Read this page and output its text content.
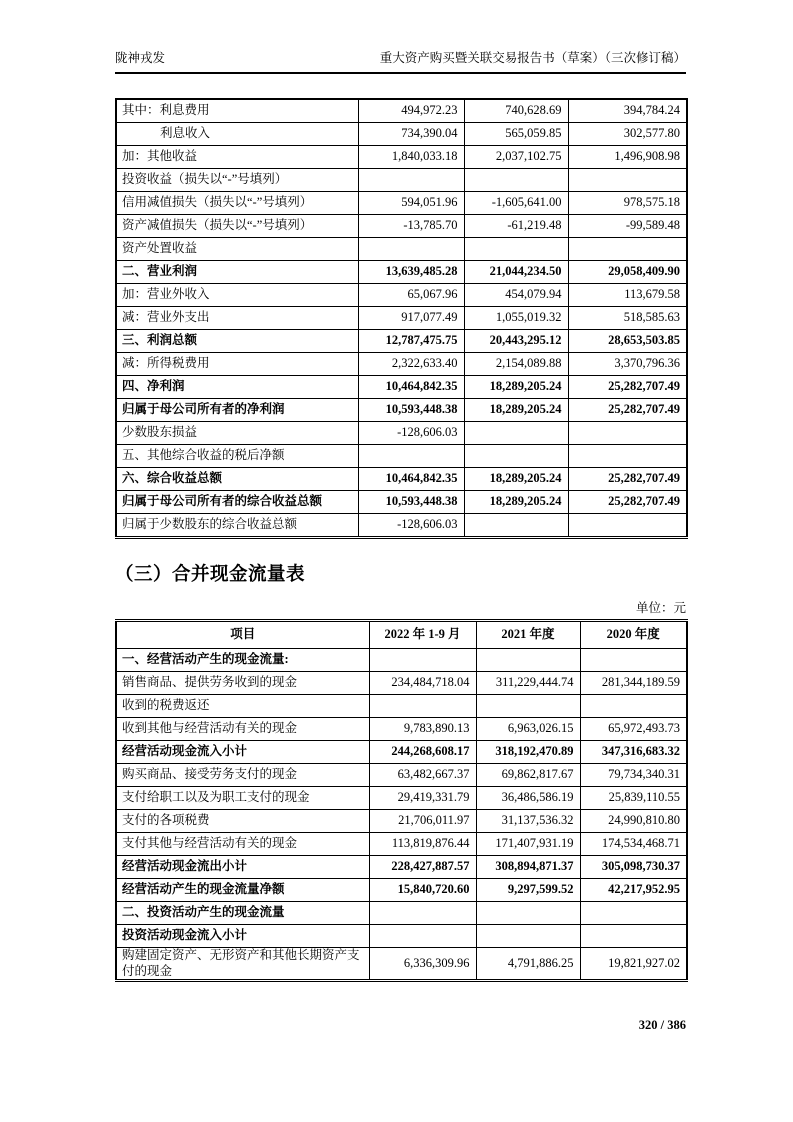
陇神戎发	重大资产购买暨关联交易报告书（草案）（三次修订稿）
其中：利息费用	494,972.23	740,628.69	394,784.24
利息收入	734,390.04	565,059.85	302,577.80
加：其他收益	1,840,033.18	2,037,102.75	1,496,908.98
投资收益（损失以“-”号填列）			
信用减值损失（损失以“-”号填列）	594,051.96	-1,605,641.00	978,575.18
资产减值损失（损失以“-”号填列）	-13,785.70	-61,219.48	-99,589.48
资产处置收益			
二、营业利润	13,639,485.28	21,044,234.50	29,058,409.90
加：营业外收入	65,067.96	454,079.94	113,679.58
减：营业外支出	917,077.49	1,055,019.32	518,585.63
三、利润总额	12,787,475.75	20,443,295.12	28,653,503.85
减：所得税费用	2,322,633.40	2,154,089.88	3,370,796.36
四、净利润	10,464,842.35	18,289,205.24	25,282,707.49
归属于母公司所有者的净利润	10,593,448.38	18,289,205.24	25,282,707.49
少数股东损益	-128,606.03		
五、其他综合收益的税后净额			
六、综合收益总额	10,464,842.35	18,289,205.24	25,282,707.49
归属于母公司所有者的综合收益总额	10,593,448.38	18,289,205.24	25,282,707.49
归属于少数股东的综合收益总额	-128,606.03		
（三）合并现金流量表
单位：元
项目	2022 年 1-9 月	2021 年度	2020 年度
一、经营活动产生的现金流量:			
销售商品、提供劳务收到的现金	234,484,718.04	311,229,444.74	281,344,189.59
收到的税费返还			
收到其他与经营活动有关的现金	9,783,890.13	6,963,026.15	65,972,493.73
经营活动现金流入小计	244,268,608.17	318,192,470.89	347,316,683.32
购买商品、接受劳务支付的现金	63,482,667.37	69,862,817.67	79,734,340.31
支付给职工以及为职工支付的现金	29,419,331.79	36,486,586.19	25,839,110.55
支付的各项税费	21,706,011.97	31,137,536.32	24,990,810.80
支付其他与经营活动有关的现金	113,819,876.44	171,407,931.19	174,534,468.71
经营活动现金流出小计	228,427,887.57	308,894,871.37	305,098,730.37
经营活动产生的现金流量净额	15,840,720.60	9,297,599.52	42,217,952.95
二、投资活动产生的现金流量			
投资活动现金流入小计			
购建固定资产、无形资产和其他长期资产支付的现金	6,336,309.96	4,791,886.25	19,821,927.02
320 / 386
